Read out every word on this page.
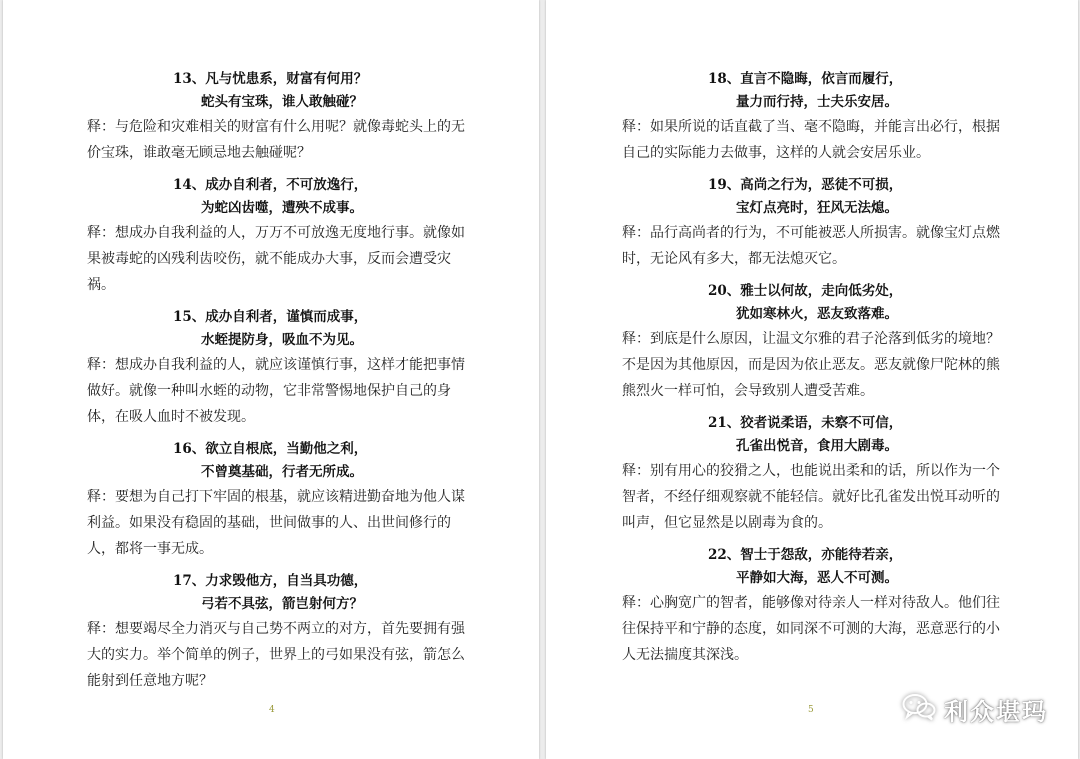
13、凡与忧患系，财富有何用？
蛇头有宝珠，谁人敢触碰？

释：与危险和灾难相关的财富有什么用呢？就像毒蛇头上的无价宝珠，谁敢毫无顾忌地去触碰呢？

14、成办自利者，不可放逸行，
为蛇凶齿噬，遭殃不成事。

释：想成办自我利益的人，万万不可放逸无度地行事。就像如果被毒蛇的凶残利齿咬伤，就不能成办大事，反而会遭受灾祸。

15、成办自利者，谨慎而成事，
水蛭提防身，吸血不为见。

释：想成办自我利益的人，就应该谨慎行事，这样才能把事情做好。就像一种叫水蛭的动物，它非常警惕地保护自己的身体，在吸人血时不被发现。

16、欲立自根底，当勤他之利，
不曾奠基础，行者无所成。

释：要想为自己打下牢固的根基，就应该精进勤奋地为他人谋利益。如果没有稳固的基础，世间做事的人、出世间修行的人，都将一事无成。

17、力求毁他方，自当具功德，
弓若不具弦，箭岂射何方？

释：想要竭尽全力消灭与自己势不两立的对方，首先要拥有强大的实力。举个简单的例子，世界上的弓如果没有弦，箭怎么能射到任意地方呢？

4
18、直言不隐晦，依言而履行，
量力而行持，士夫乐安居。

释：如果所说的话直截了当、毫不隐晦，并能言出必行，根据自己的实际能力去做事，这样的人就会安居乐业。

19、高尚之行为，恶徒不可损，
宝灯点亮时，狂风无法熄。

释：品行高尚者的行为，不可能被恶人所损害。就像宝灯点燃时，无论风有多大，都无法熄灭它。

20、雅士以何故，走向低劣处，
犹如寒林火，恶友致落难。

释：到底是什么原因，让温文尔雅的君子沦落到低劣的境地？不是因为其他原因，而是因为依止恶友。恶友就像尸陀林的熊熊烈火一样可怕，会导致别人遭受苦难。

21、狡者说柔语，未察不可信，
孔雀出悦音，食用大剧毒。

释：别有用心的狡猾之人，也能说出柔和的话，所以作为一个智者，不经仔细观察就不能轻信。就好比孔雀发出悦耳动听的叫声，但它显然是以剧毒为食的。

22、智士于怨敌，亦能待若亲，
平静如大海，恶人不可测。

释：心胸宽广的智者，能够像对待亲人一样对待敌人。他们往往保持平和宁静的态度，如同深不可测的大海，恶意恶行的小人无法揣度其深浅。

5	利众堪玛
